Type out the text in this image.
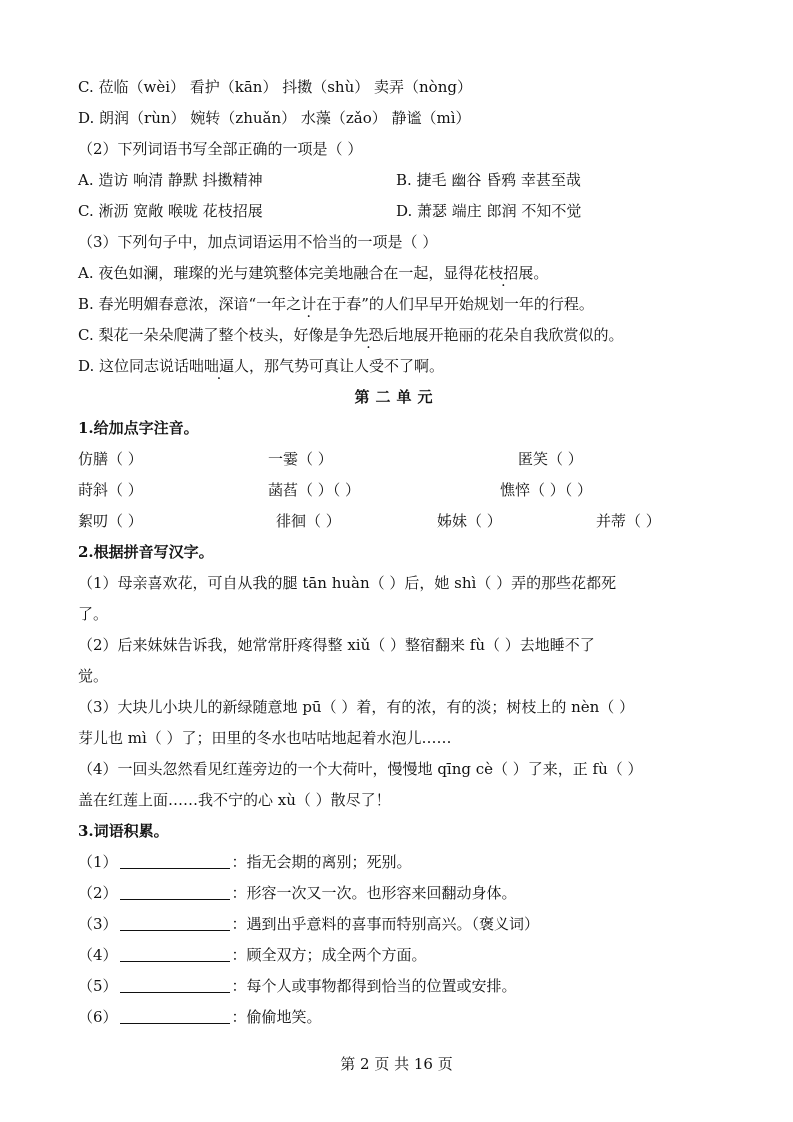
C. 莅临（wèi） 看护（kān） 抖擞（shù） 卖弄（nòng）
D. 朗润（rùn） 婉转（zhuǎn） 水藻（zǎo） 静谧（mì）
（2）下列词语书写全部正确的一项是（ ）
A. 造访 响清 静默 抖擞精神	B. 捷毛 幽谷 昏鸦 幸甚至哉
C. 淅沥 宽敞 喉咙 花枝招展	D. 萧瑟 端庄 郎润 不知不觉
（3）下列句子中，加点词语运用不恰当的一项是（ ）
A. 夜色如澜，璀璨的光与建筑整体完美地融合在一起，显得花枝招展。
B. 春光明媚春意浓，深谙“一年之计在于春 ·”的人们早早开始规划一年的行程。
C. 梨花一朵朵爬满了整个枝头，好像是争先恐后地展开艳丽的花朵自我欣赏似的。
D. 这位同志说话咄咄逼人，那气势可真让人受不了啊。
第二单元
1.给加点字注音。
仿膳（ ）	一霎（ ）	匿笑（ ）
莳斜（ ）	菡萏（ ）（ ）	憔悴（ ）（ ）
絮叨（ ）	徘徊（ ）	姊妹（ ）	并蒂（ ）
2.根据拼音写汉字。
（1）母亲喜欢花，可自从我的腿 tān huàn（ ）后，她 shì（ ）弄的那些花都死
了。
（2）后来妹妹告诉我，她常常肝疼得整 xiǔ（ ）整宿翻来 fù（ ）去地睡不了
觉。
（3）大块儿小块儿的新绿随意地 pū（ ）着，有的浓，有的淡；树枝上的 nèn（ ）
芽儿也 mì（ ）了；田里的冬水也咕咕地起着水泡儿……
（4）一回头忽然看见红莲旁边的一个大荷叶，慢慢地 qīng cè（ ）了来，正 fù（ ）
盖在红莲上面……我不宁的心 xù（ ）散尽了！
3.词语积累。
（1）	：指无会期的离别；死别。
（2）	：形容一次又一次。也形容来回翻动身体。
（3）	：遇到出乎意料的喜事而特别高兴。（褒义词）
（4）	：顾全双方；成全两个方面。
（5）	：每个人或事物都得到恰当的位置或安排。
（6）	：偷偷地笑。
第 2 页 共 16 页
